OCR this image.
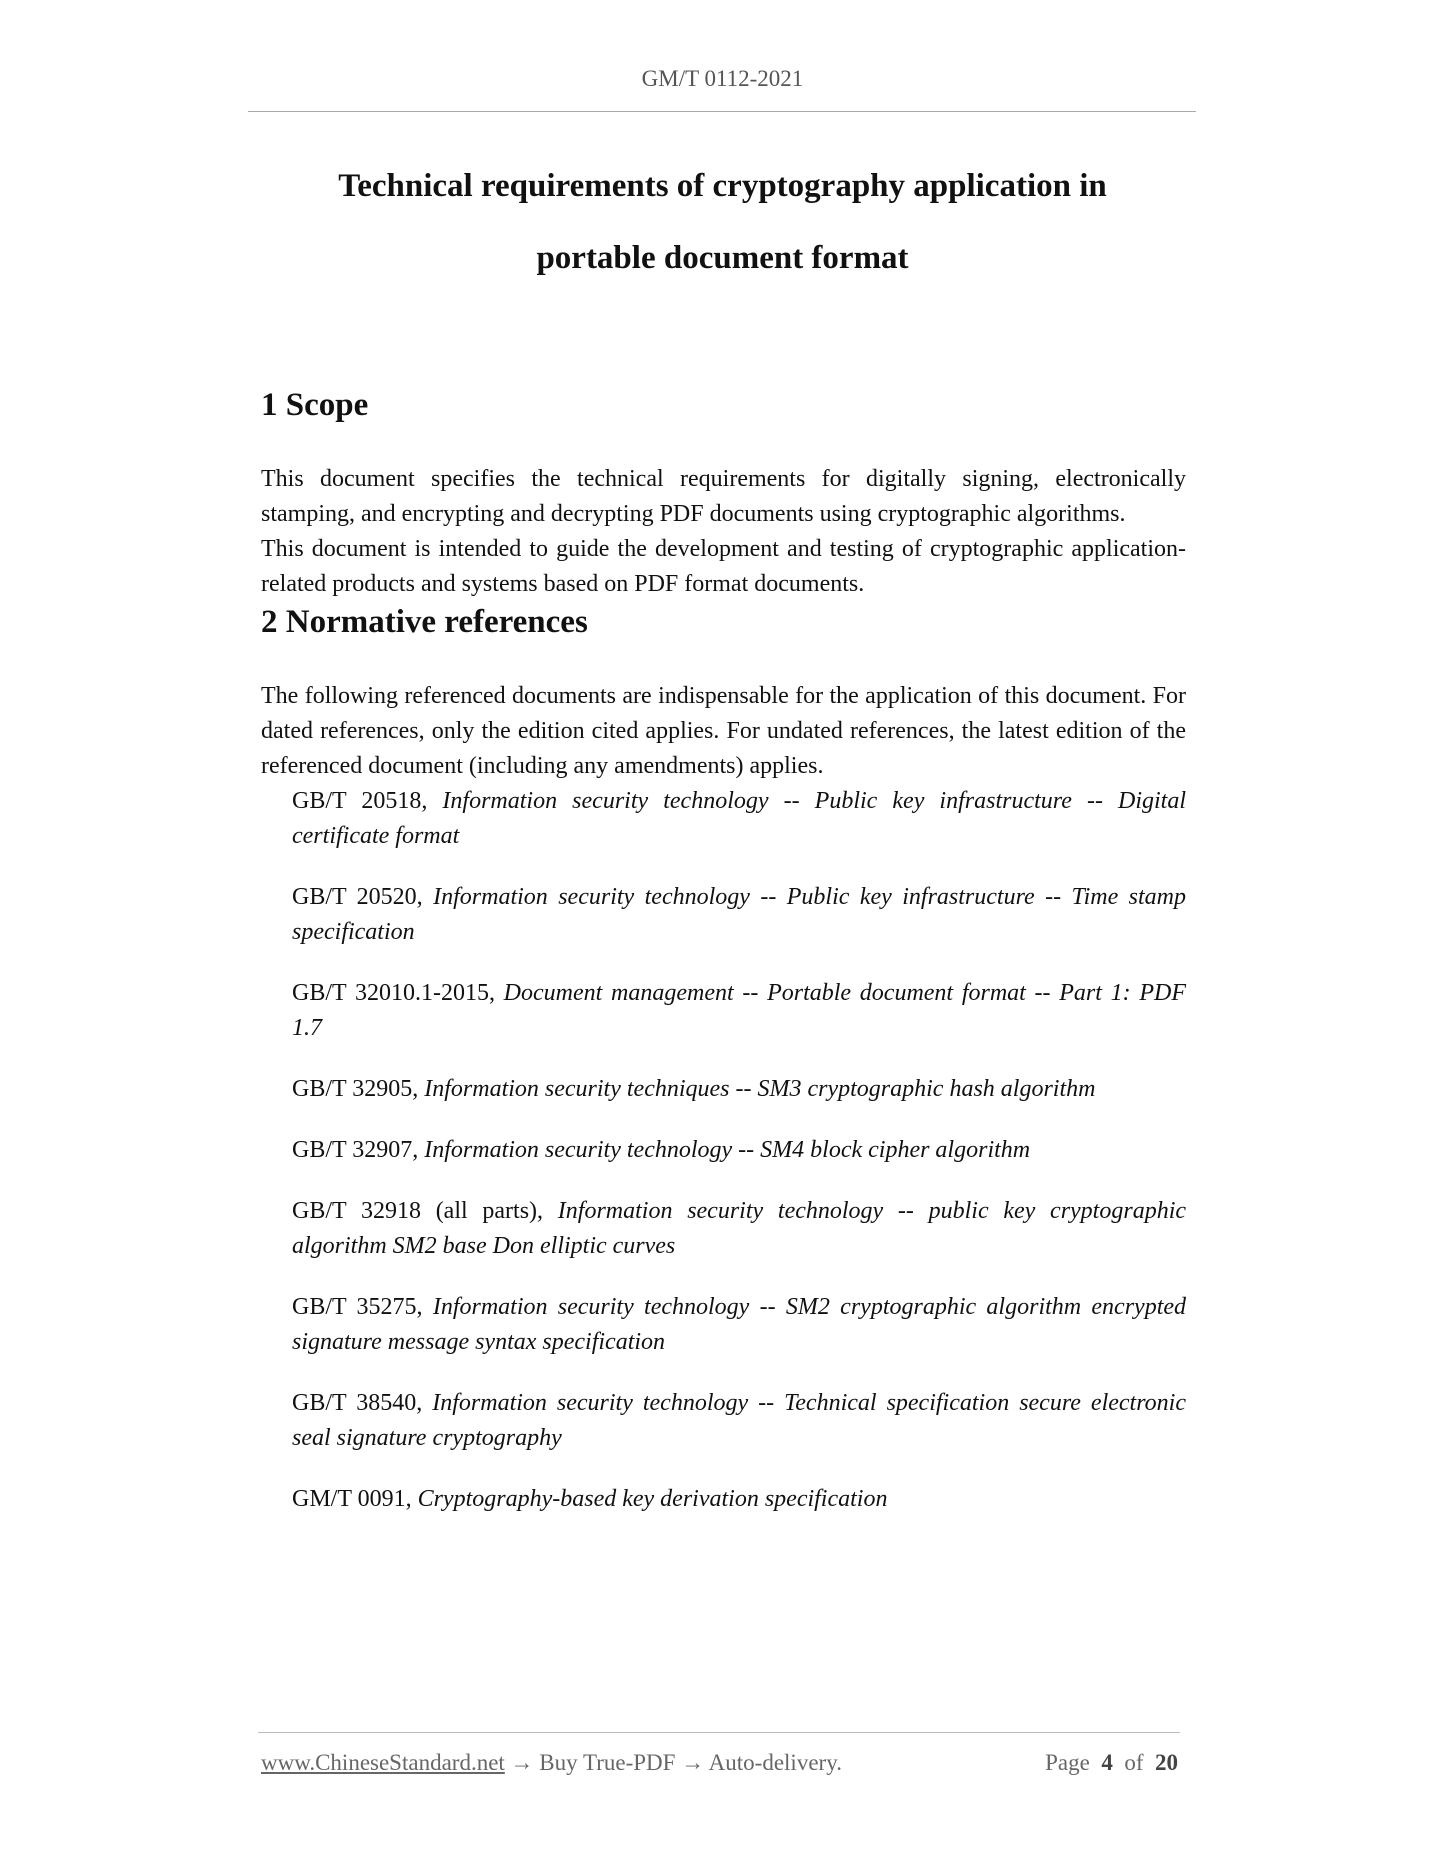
GM/T 0112-2021
Technical requirements of cryptography application in
portable document format
1 Scope

This document specifies the technical requirements for digitally signing, electronically stamping, and encrypting and decrypting PDF documents using cryptographic algorithms.

This document is intended to guide the development and testing of cryptographic application-related products and systems based on PDF format documents.

2 Normative references

The following referenced documents are indispensable for the application of this document. For dated references, only the edition cited applies. For undated references, the latest edition of the referenced document (including any amendments) applies.

GB/T 20518, Information security technology -- Public key infrastructure -- Digital certificate format
GB/T 20520, Information security technology -- Public key infrastructure -- Time stamp specification
GB/T 32010.1-2015, Document management -- Portable document format -- Part 1: PDF 1.7
GB/T 32905, Information security techniques -- SM3 cryptographic hash algorithm
GB/T 32907, Information security technology -- SM4 block cipher algorithm
GB/T 32918 (all parts), Information security technology -- public key cryptographic algorithm SM2 base Don elliptic curves
GB/T 35275, Information security technology -- SM2 cryptographic algorithm encrypted signature message syntax specification
GB/T 38540, Information security technology -- Technical specification secure electronic seal signature cryptography
GM/T 0091, Cryptography-based key derivation specification
www.ChineseStandard.net → Buy True-PDF → Auto-delivery.	Page 4 of 20
